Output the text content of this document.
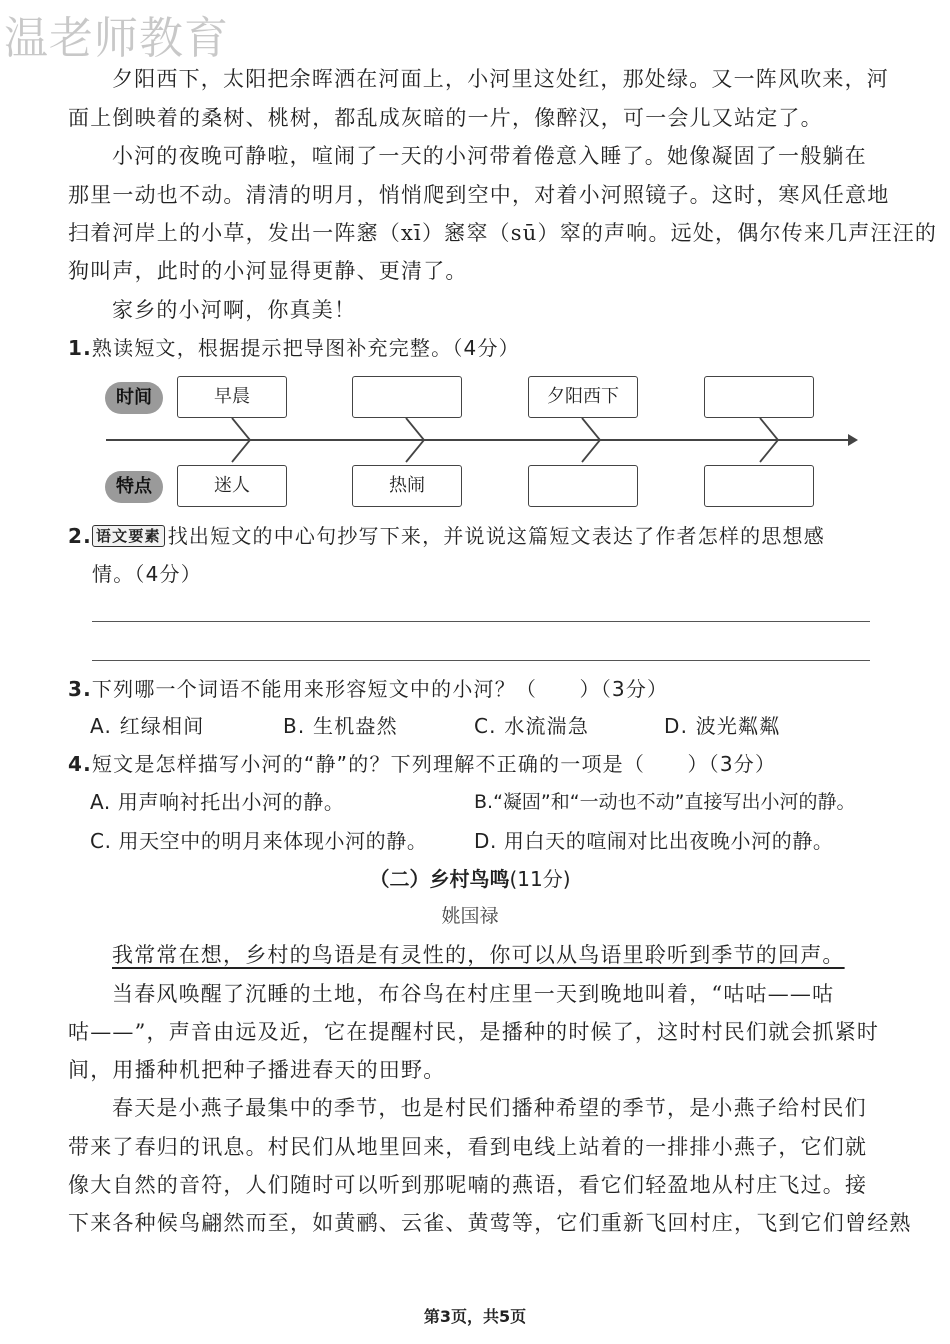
温老师教育
夕阳西下，太阳把余晖洒在河面上，小河里这处红，那处绿。又一阵风吹来，河
面上倒映着的桑树、桃树，都乱成灰暗的一片，像醉汉，可一会儿又站定了。
小河的夜晚可静啦，喧闹了一天的小河带着倦意入睡了。她像凝固了一般躺在
那里一动也不动。清清的明月，悄悄爬到空中，对着小河照镜子。这时，寒风任意地
扫着河岸上的小草，发出一阵窸（xī）窸窣（sū）窣的声响。远处，偶尔传来几声汪汪的
狗叫声，此时的小河显得更静、更清了。
家乡的小河啊，你真美！
1.熟读短文，根据提示把导图补充完整。（4分）
时间
特点
早晨	夕阳西下
迷人	热闹
2. 语文要素 找出短文的中心句抄写下来，并说说这篇短文表达了作者怎样的思想感
情。（4分）
3.下列哪一个词语不能用来形容短文中的小河？（　　）（3分）
A. 红绿相间	B. 生机盎然	C. 水流湍急	D. 波光粼粼
4.短文是怎样描写小河的“静”的？下列理解不正确的一项是（　　）（3分）
A. 用声响衬托出小河的静。	B.“凝固”和“一动也不动”直接写出小河的静。
C. 用天空中的明月来体现小河的静。 D. 用白天的喧闹对比出夜晚小河的静。
（二）乡村鸟鸣(11分)
姚国禄
我常常在想，乡村的鸟语是有灵性的，你可以从鸟语里聆听到季节的回声。
当春风唤醒了沉睡的土地，布谷鸟在村庄里一天到晚地叫着，“咕咕——咕
咕——”，声音由远及近，它在提醒村民，是播种的时候了，这时村民们就会抓紧时
间，用播种机把种子播进春天的田野。
春天是小燕子最集中的季节，也是村民们播种希望的季节，是小燕子给村民们
带来了春归的讯息。村民们从地里回来，看到电线上站着的一排排小燕子，它们就
像大自然的音符，人们随时可以听到那呢喃的燕语，看它们轻盈地从村庄飞过。接
下来各种候鸟翩然而至，如黄鹂、云雀、黄莺等，它们重新飞回村庄，飞到它们曾经熟
第3页，共5页
